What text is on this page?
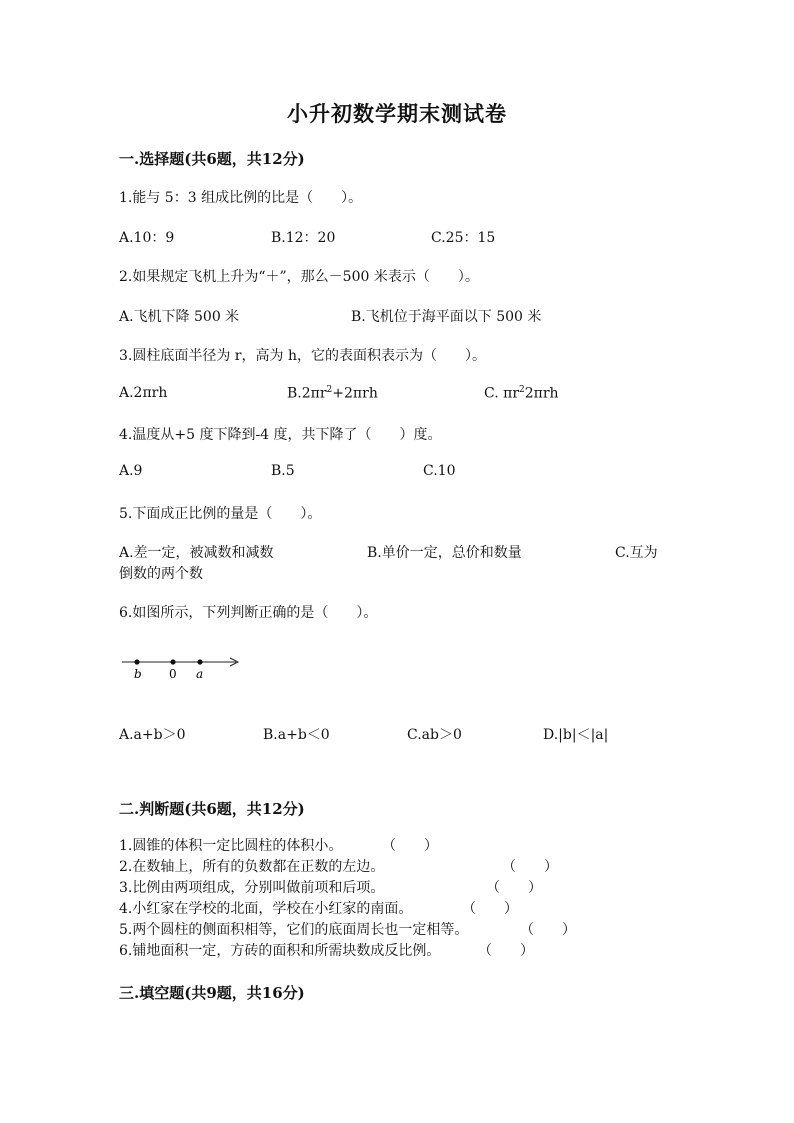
小升初数学期末测试卷
一.选择题(共6题，共12分)
1.能与 5：3 组成比例的比是（　　）。
A.10：9	B.12：20	C.25：15
2.如果规定飞机上升为“＋”，那么－500 米表示（　　）。
A.飞机下降 500 米	B.飞机位于海平面以下 500 米
3.圆柱底面半径为 r，高为 h，它的表面积表示为（　　）。
A.2πrh	$B.2\pi r^2+2\pi rh$	C. $\pi r^22\pi rh$
4.温度从+5 度下降到-4 度，共下降了（　　）度。
A.9	B.5	C.10
5.下面成正比例的量是（　　）。
A.差一定，被减数和减数	B.单价一定，总价和数量	C.互为
倒数的两个数
6.如图所示，下列判断正确的是（　　）。
b 0 a
A.a+b＞0	B.a+b＜0	C.ab＞0	D.|b|＜|a|
二.判断题(共6题，共12分)
1.圆锥的体积一定比圆柱的体积小。	（　　）
2.在数轴上，所有的负数都在正数的左边。	（　　）
3.比例由两项组成，分别叫做前项和后项。	（　　）
4.小红家在学校的北面，学校在小红家的南面。	（　　）
5.两个圆柱的侧面积相等，它们的底面周长也一定相等。	（　　）
6.铺地面积一定，方砖的面积和所需块数成反比例。	（　　）
三.填空题(共9题，共16分)
